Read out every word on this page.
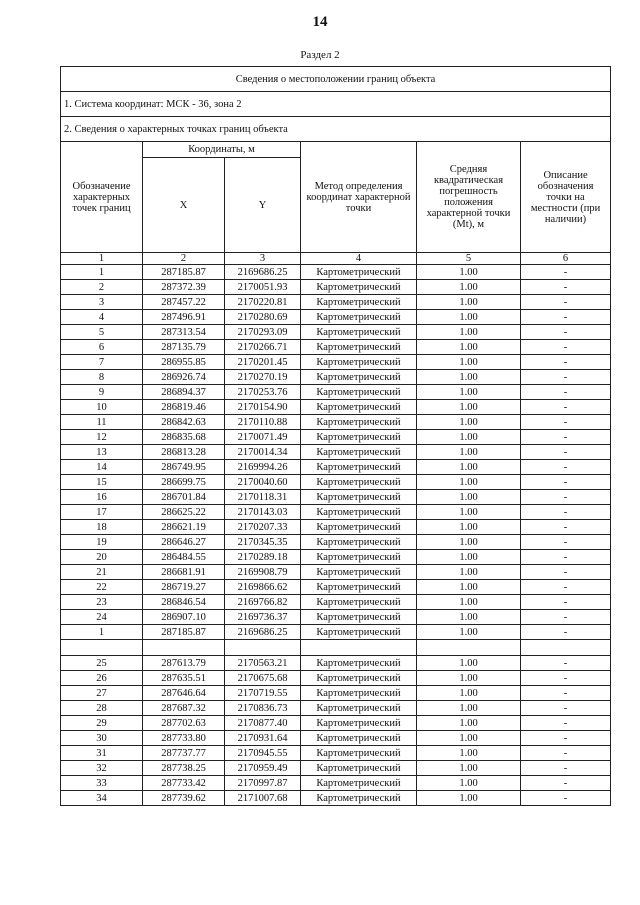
14
Раздел 2
Сведения о местоположении границ объекта					
1. Система координат: МСК - 36, зона 2					
2. Сведения о характерных точках границ объекта					
Обозначение характерных точек границ	Координаты, м		Метод определения координат характерной точки	Средняя квадратическая погрешность положения характерной точки (Mt), м	Описание обозначения точки на местности (при наличии)
	X	Y			
1	2	3	4	5	6
1	287185.87	2169686.25	Картометрический	1.00	-
2	287372.39	2170051.93	Картометрический	1.00	-
3	287457.22	2170220.81	Картометрический	1.00	-
4	287496.91	2170280.69	Картометрический	1.00	-
5	287313.54	2170293.09	Картометрический	1.00	-
6	287135.79	2170266.71	Картометрический	1.00	-
7	286955.85	2170201.45	Картометрический	1.00	-
8	286926.74	2170270.19	Картометрический	1.00	-
9	286894.37	2170253.76	Картометрический	1.00	-
10	286819.46	2170154.90	Картометрический	1.00	-
11	286842.63	2170110.88	Картометрический	1.00	-
12	286835.68	2170071.49	Картометрический	1.00	-
13	286813.28	2170014.34	Картометрический	1.00	-
14	286749.95	2169994.26	Картометрический	1.00	-
15	286699.75	2170040.60	Картометрический	1.00	-
16	286701.84	2170118.31	Картометрический	1.00	-
17	286625.22	2170143.03	Картометрический	1.00	-
18	286621.19	2170207.33	Картометрический	1.00	-
19	286646.27	2170345.35	Картометрический	1.00	-
20	286484.55	2170289.18	Картометрический	1.00	-
21	286681.91	2169908.79	Картометрический	1.00	-
22	286719.27	2169866.62	Картометрический	1.00	-
23	286846.54	2169766.82	Картометрический	1.00	-
24	286907.10	2169736.37	Картометрический	1.00	-
1	287185.87	2169686.25	Картометрический	1.00	-

25	287613.79	2170563.21	Картометрический	1.00	-
26	287635.51	2170675.68	Картометрический	1.00	-
27	287646.64	2170719.55	Картометрический	1.00	-
28	287687.32	2170836.73	Картометрический	1.00	-
29	287702.63	2170877.40	Картометрический	1.00	-
30	287733.80	2170931.64	Картометрический	1.00	-
31	287737.77	2170945.55	Картометрический	1.00	-
32	287738.25	2170959.49	Картометрический	1.00	-
33	287733.42	2170997.87	Картометрический	1.00	-
34	287739.62	2171007.68	Картометрический	1.00	-
